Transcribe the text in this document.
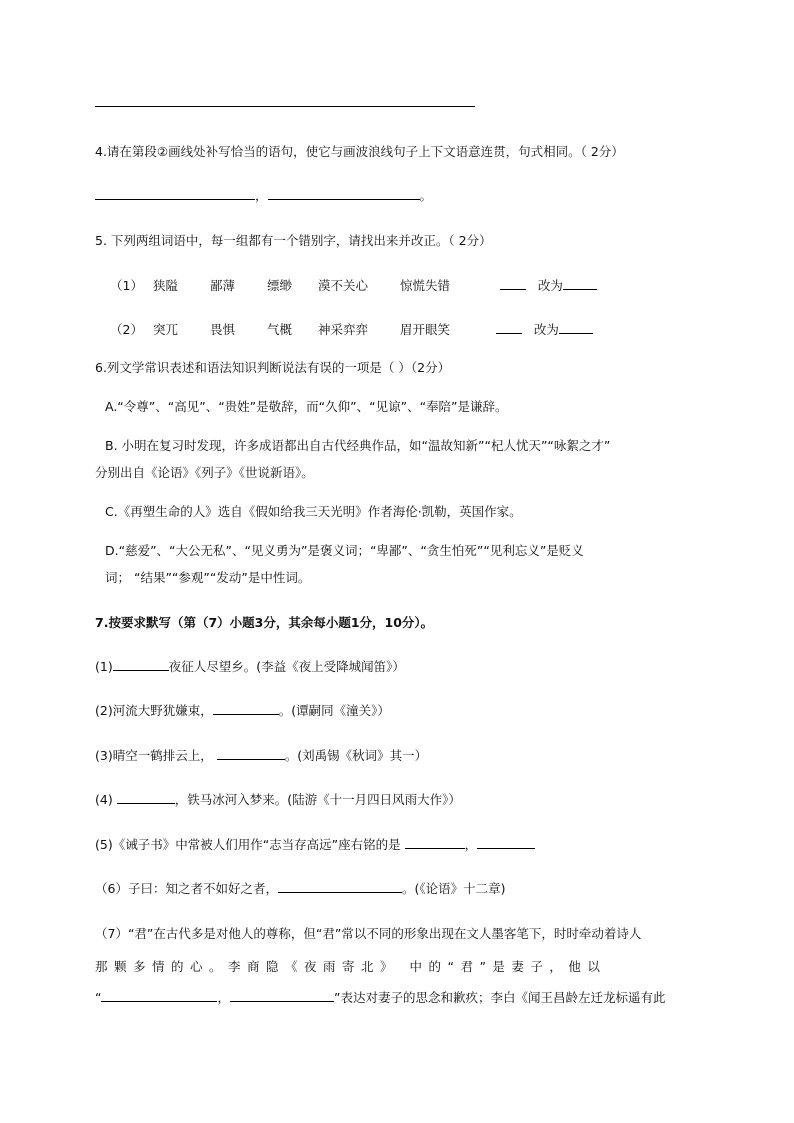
4.请在第段②画线处补写恰当的语句，使它与画波浪线句子上下文语意连贯，句式相同。（ 2分）
，	。
5. 下列两组词语中，每一组都有一个错别字，请找出来并改正。（ 2分）
（1） 狭隘	鄙薄	缥缈 漠不关心	惊慌失错	改为
（2） 突兀	畏惧	气概 神采弈弈	眉开眼笑	改为
6.列文学常识表述和语法知识判断说法有误的一项是（ ）（2分）
A.“令尊”、“高见”、“贵姓”是敬辞，而“久仰”、“见谅”、“奉陪”是谦辞。
B. 小明在复习时发现，许多成语都出自古代经典作品，如“温故知新”“杞人忧天”“咏絮之才”
分别出自《论语》《列子》《世说新语》。
C.《再塑生命的人》选自《假如给我三天光明》作者海伦·凯勒，英国作家。
D.“慈爱”、“大公无私”、“见义勇为”是褒义词；“卑鄙”、“贪生怕死”“见利忘义”是贬义
词； “结果”“参观”“发动”是中性词。
7.按要求默写（第（7）小题3分，其余每小题1分，10分）。
(1)	夜征人尽望乡。(李益《夜上受降城闻笛》）
(2)河流大野犹嫌束，	。(谭嗣同《潼关》）
(3)晴空一鹤排云上，	。(刘禹锡《秋词》其一）
(4)	，铁马冰河入梦来。(陆游《十一月四日风雨大作》）
(5)《诫子书》中常被人们用作“志当存高远”座右铭的是	，
（6）子曰：知之者不如好之者，	。(《论语》十二章)
（7）“君”在古代多是对他人的尊称，但“君”常以不同的形象出现在文人墨客笔下，时时牵动着诗人
那颗多情的心。李商隐《夜雨寄北》 中的“君”是妻子，他以
“	，	”表达对妻子的思念和歉疚；李白《闻王昌龄左迁龙标遥有此
